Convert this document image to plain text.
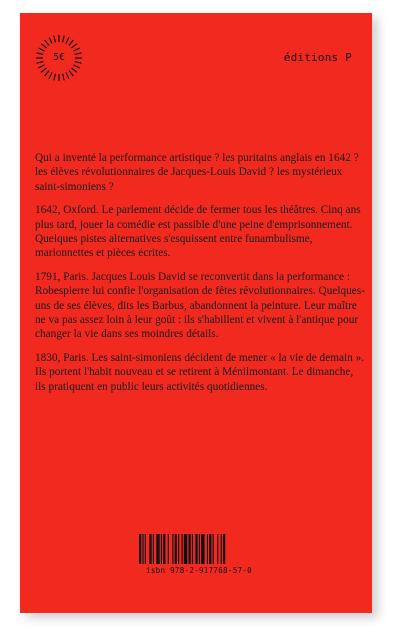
5€	éditions P

Qui a inventé la performance artistique ? les puritains anglais en 1642 ? les élèves révolutionnaires de Jacques-Louis David ? les mystérieux saint-simoniens ?

1642, Oxford. Le parlement décide de fermer tous les théâtres. Cinq ans plus tard, jouer la comédie est passible d'une peine d'emprisonnement. Quelques pistes alternatives s'esquissent entre funambulisme, marionnettes et pièces écrites.

1791, Paris. Jacques Louis David se reconvertit dans la performance : Robespierre lui confie l'organisation de fêtes révolutionnaires. Quelques-uns de ses élèves, dits les Barbus, abandonnent la peinture. Leur maître ne va pas assez loin à leur goût : ils s'habillent et vivent à l'antique pour changer la vie dans ses moindres détails.

1830, Paris. Les saint-simoniens décident de mener « la vie de demain ». Ils portent l'habit nouveau et se retirent à Ménilmontant. Le dimanche, ils pratiquent en public leurs activités quotidiennes.

isbn 978-2-917768-57-0
